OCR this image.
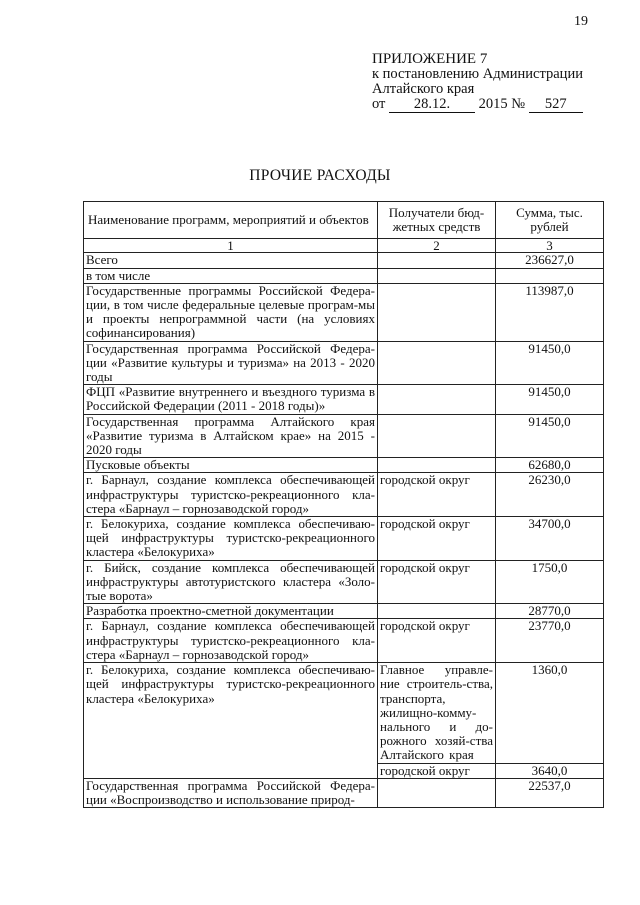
19
ПРИЛОЖЕНИЕ 7
к постановлению Администрации
Алтайского края
от 28.12. 2015 № 527
ПРОЧИЕ РАСХОДЫ
Наименование программ, мероприятий и объектов	Получатели бюд-жетных средств	Сумма, тыс. рублей
1	2	3
Всего		236627,0
в том числе		
Государственные программы Российской Федера-ции, в том числе федеральные целевые програм-мы и проекты непрограммной части (на условиях софинансирования)		113987,0
Государственная программа Российской Федера-ции «Развитие культуры и туризма» на 2013 - 2020 годы		91450,0
ФЦП «Развитие внутреннего и въездного туризма в Российской Федерации (2011 - 2018 годы)»		91450,0
Государственная программа Алтайского края «Развитие туризма в Алтайском крае» на 2015 - 2020 годы		91450,0
Пусковые объекты		62680,0
г. Барнаул, создание комплекса обеспечивающей инфраструктуры туристско-рекреационного кла-стера «Барнаул – горнозаводской город»	городской округ	26230,0
г. Белокуриха, создание комплекса обеспечиваю-щей инфраструктуры туристско-рекреационного кластера «Белокуриха»	городской округ	34700,0
г. Бийск, создание комплекса обеспечивающей инфраструктуры автотуристского кластера «Золо-тые ворота»	городской округ	1750,0
Разработка проектно-сметной документации		28770,0
г. Барнаул, создание комплекса обеспечивающей инфраструктуры туристско-рекреационного кла-стера «Барнаул – горнозаводской город»	городской округ	23770,0
г. Белокуриха, создание комплекса обеспечиваю-щей инфраструктуры туристско-рекреационного кластера «Белокуриха»	Главное управле-ние строитель-ства, транспорта, жилищно-комму-нального и до-рожного хозяй-ства Алтайского края	1360,0
	городской округ	3640,0
Государственная программа Российской Федера-ции «Воспроизводство и использование природ-		22537,0
